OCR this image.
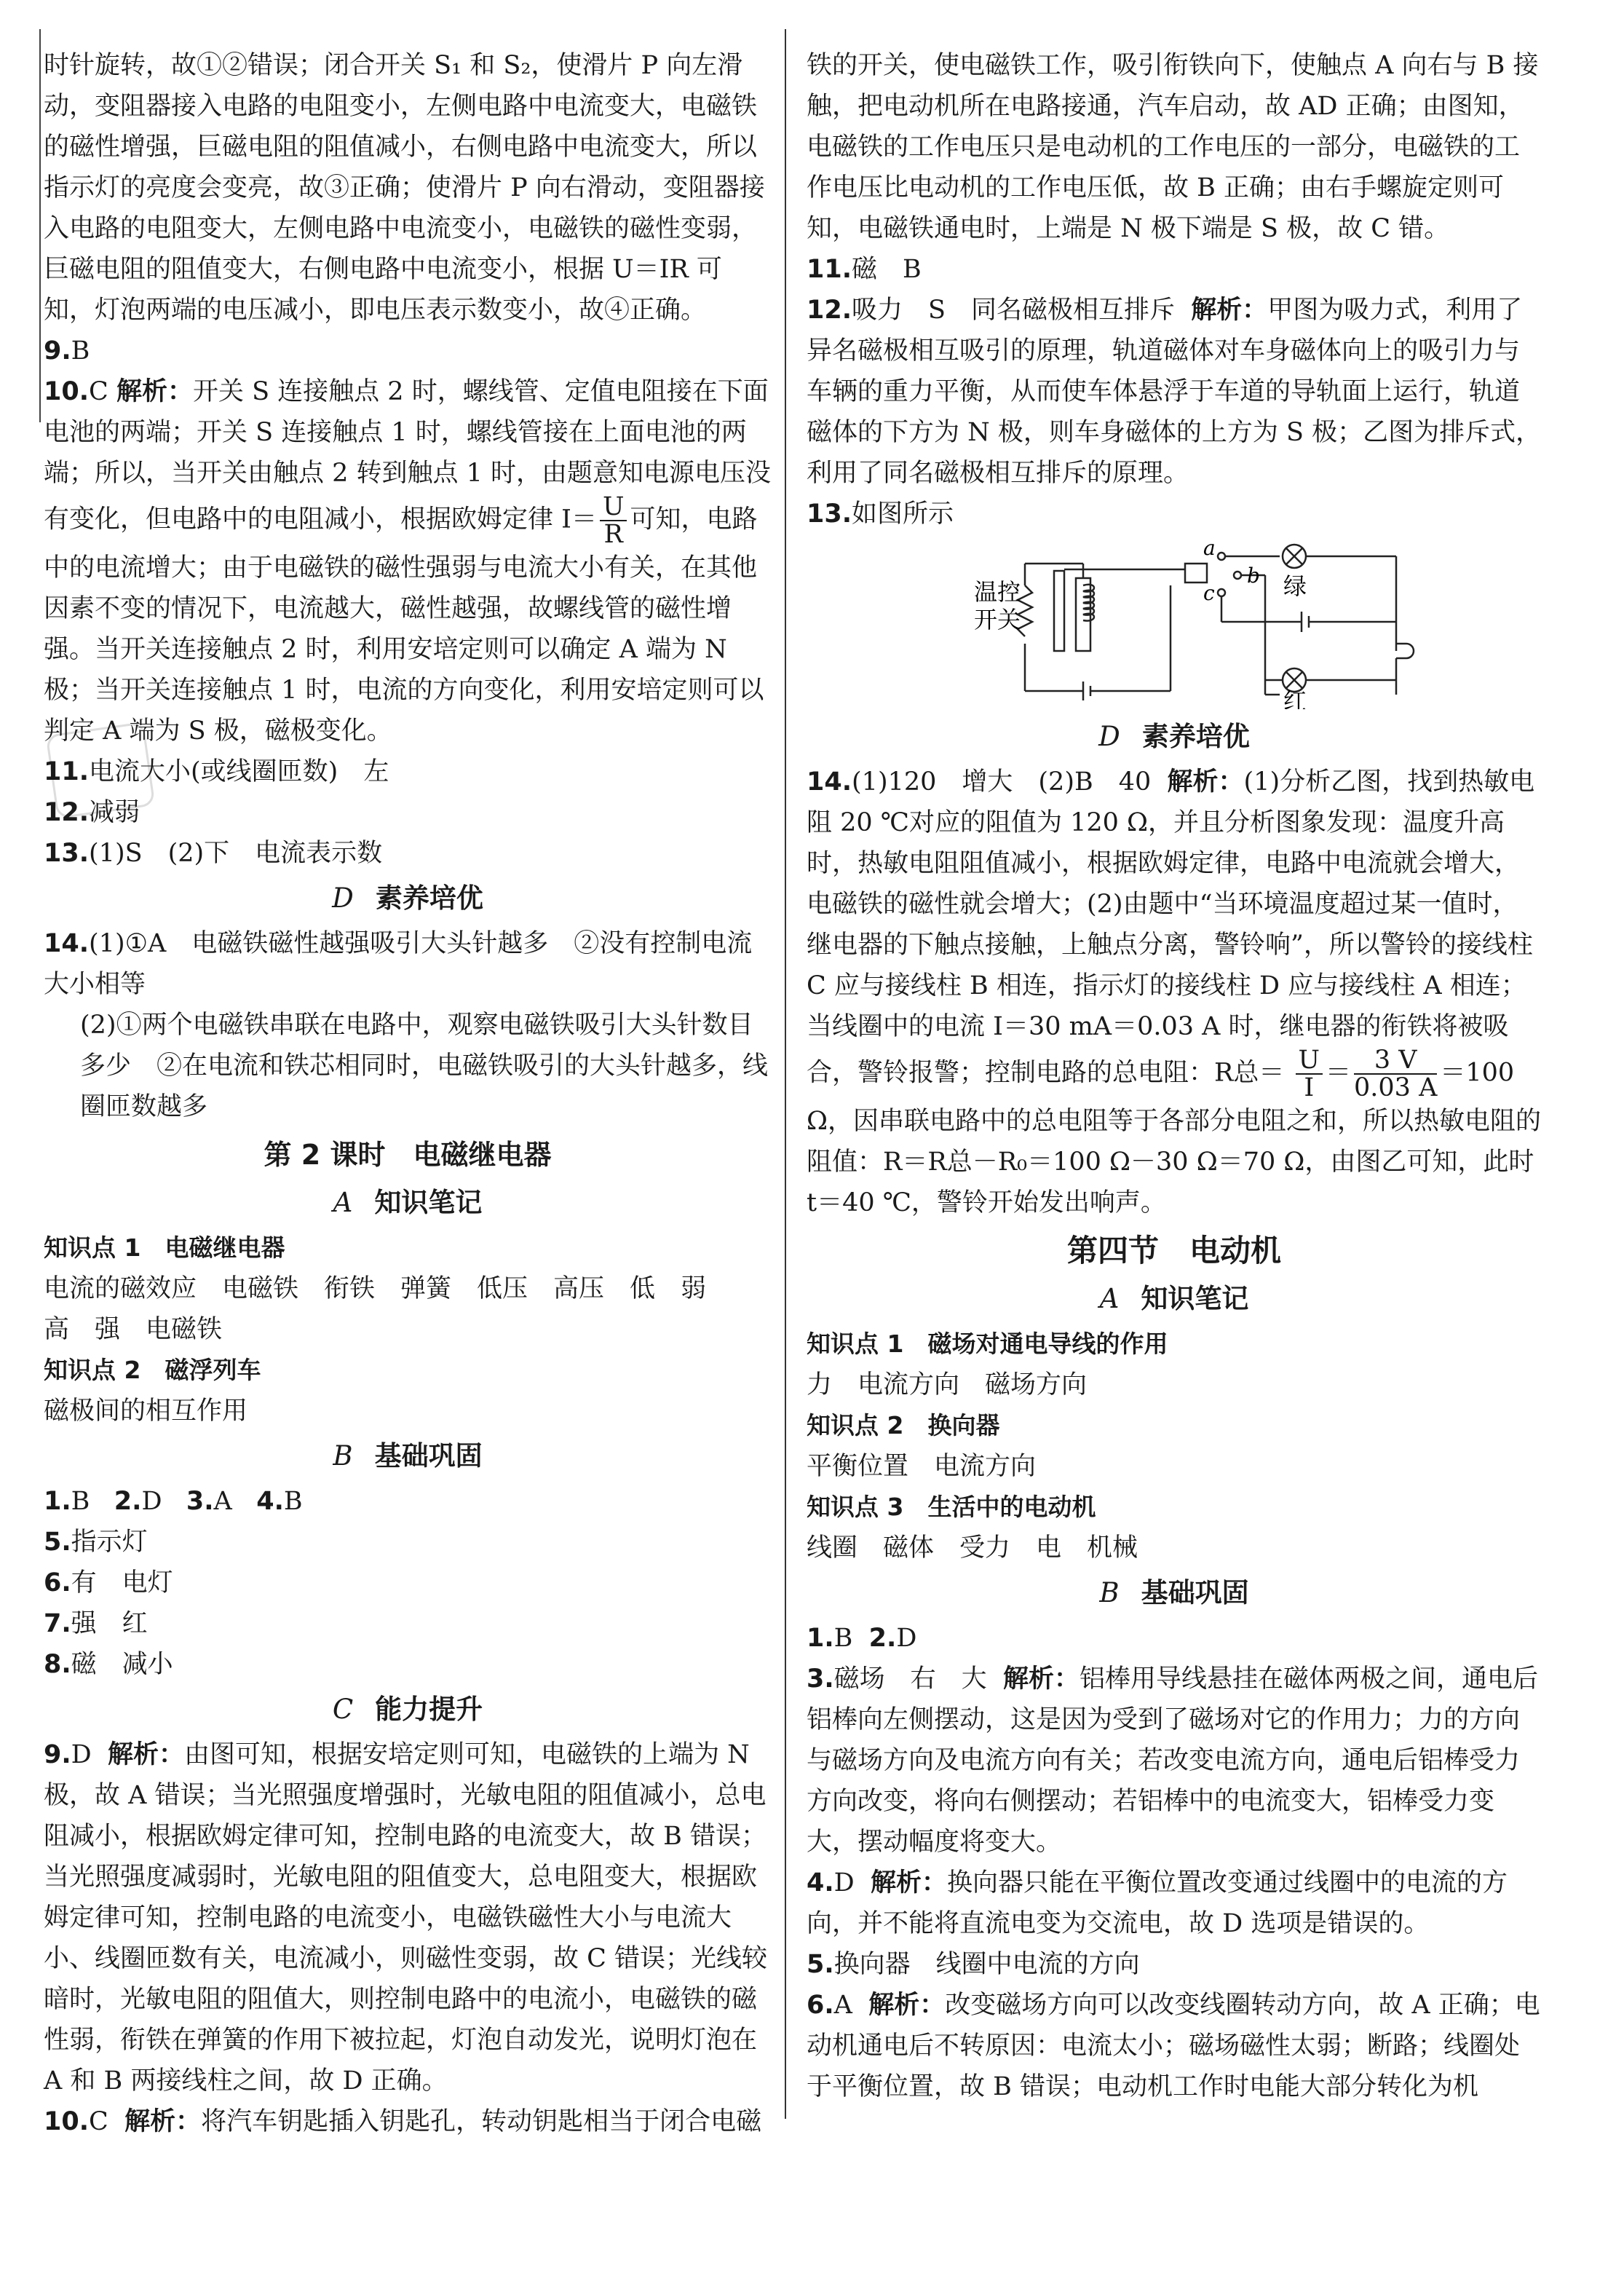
时针旋转，故①②错误；闭合开关 S₁ 和 S₂，使滑片 P 向左滑动，变阻器接入电路的电阻变小，左侧电路中电流变大，电磁铁的磁性增强，巨磁电阻的阻值减小，右侧电路中电流变大，所以指示灯的亮度会变亮，故③正确；使滑片 P 向右滑动，变阻器接入电路的电阻变大，左侧电路中电流变小，电磁铁的磁性变弱，巨磁电阻的阻值变大，右侧电路中电流变小，根据 U＝IR 可知，灯泡两端的电压减小，即电压表示数变小，故④正确。

9.B

10.C 解析：开关 S 连接触点 2 时，螺线管、定值电阻接在下面电池的两端；开关 S 连接触点 1 时，螺线管接在上面电池的两端；所以，当开关由触点 2 转到触点 1 时，由题意知电源电压没有变化，但电路中的电阻减小，根据欧姆定律 $I= \frac{U}{R}$ 可知，电路中的电流增大；由于电磁铁的磁性强弱与电流大小有关，在其他因素不变的情况下，电流越大，磁性越强，故螺线管的磁性增强。当开关连接触点 2 时，利用安培定则可以确定 A 端为 N 极；当开关连接触点 1 时，电流的方向变化，利用安培定则可以判定 A 端为 S 极，磁极变化。

11.电流大小(或线圈匝数)　左

12.减弱

13.(1)S　(2)下　电流表示数

D 素养培优

14.(1)①A　电磁铁磁性越强吸引大头针越多　②没有控制电流大小相等

(2)①两个电磁铁串联在电路中，观察电磁铁吸引大头针数目多少　②在电流和铁芯相同时，电磁铁吸引的大头针越多，线圈匝数越多

第 2 课时　电磁继电器
A 知识笔记

知识点 1　电磁继电器

电流的磁效应　电磁铁　衔铁　弹簧　低压　高压　低　弱

高　强　电磁铁

知识点 2　磁浮列车

磁极间的相互作用

B 基础巩固

1.B 2.D 3.A 4.B

5.指示灯

6.有　电灯

7.强　红

8.磁　减小

C 能力提升

9.D 解析：由图可知，根据安培定则可知，电磁铁的上端为 N 极，故 A 错误；当光照强度增强时，光敏电阻的阻值减小，总电阻减小，根据欧姆定律可知，控制电路的电流变大，故 B 错误；当光照强度减弱时，光敏电阻的阻值变大，总电阻变大，根据欧姆定律可知，控制电路的电流变小，电磁铁磁性大小与电流大小、线圈匝数有关，电流减小，则磁性变弱，故 C 错误；光线较暗时，光敏电阻的阻值大，则控制电路中的电流小，电磁铁的磁性弱，衔铁在弹簧的作用下被拉起，灯泡自动发光，说明灯泡在 A 和 B 两接线柱之间，故 D 正确。

10.C 解析：将汽车钥匙插入钥匙孔，转动钥匙相当于闭合电磁

铁的开关，使电磁铁工作，吸引衔铁向下，使触点 A 向右与 B 接触，把电动机所在电路接通，汽车启动，故 AD 正确；由图知，电磁铁的工作电压只是电动机的工作电压的一部分，电磁铁的工作电压比电动机的工作电压低，故 B 正确；由右手螺旋定则可知，电磁铁通电时，上端是 N 极下端是 S 极，故 C 错。

11.磁　B

12.吸力　S　同名磁极相互排斥 解析：甲图为吸力式，利用了异名磁极相互吸引的原理，轨道磁体对车身磁体向上的吸引力与车辆的重力平衡，从而使车体悬浮于车道的导轨面上运行，轨道磁体的下方为 N 极，则车身磁体的上方为 S 极；乙图为排斥式，利用了同名磁极相互排斥的原理。

13.如图所示

温控
开关
a
b
c	绿
红
D 素养培优

14.(1)120　增大　(2)B　40 解析：(1)分析乙图，找到热敏电阻 20 ℃对应的阻值为 120 Ω，并且分析图象发现：温度升高时，热敏电阻阻值减小，根据欧姆定律，电路中电流就会增大，电磁铁的磁性就会增大；(2)由题中“当环境温度超过某一值时，继电器的下触点接触，上触点分离，警铃响”，所以警铃的接线柱 C 应与接线柱 B 相连，指示灯的接线柱 D 应与接线柱 A 相连；当线圈中的电流 I＝30 mA＝0.03 A 时，继电器的衔铁将被吸合，警铃报警；控制电路的总电阻：R总＝ $\frac{U}{I} = \frac{3 V}{0.03 A} =100$ Ω，因串联电路中的总电阻等于各部分电阻之和，所以热敏电阻的阻值：R＝R总－R₀＝100 Ω－30 Ω＝70 Ω，由图乙可知，此时 t＝40 ℃，警铃开始发出响声。

第四节　电动机
A 知识笔记

知识点 1　磁场对通电导线的作用

力　电流方向　磁场方向

知识点 2　换向器

平衡位置　电流方向

知识点 3　生活中的电动机

线圈　磁体　受力　电　机械

B 基础巩固

1.B 2.D

3.磁场　右　大 解析：铝棒用导线悬挂在磁体两极之间，通电后铝棒向左侧摆动，这是因为受到了磁场对它的作用力；力的方向与磁场方向及电流方向有关；若改变电流方向，通电后铝棒受力方向改变，将向右侧摆动；若铝棒中的电流变大，铝棒受力变大，摆动幅度将变大。

4.D 解析：换向器只能在平衡位置改变通过线圈中的电流的方向，并不能将直流电变为交流电，故 D 选项是错误的。

5.换向器　线圈中电流的方向

6.A 解析：改变磁场方向可以改变线圈转动方向，故 A 正确；电动机通电后不转原因：电流太小；磁场磁性太弱；断路；线圈处于平衡位置，故 B 错误；电动机工作时电能大部分转化为机
